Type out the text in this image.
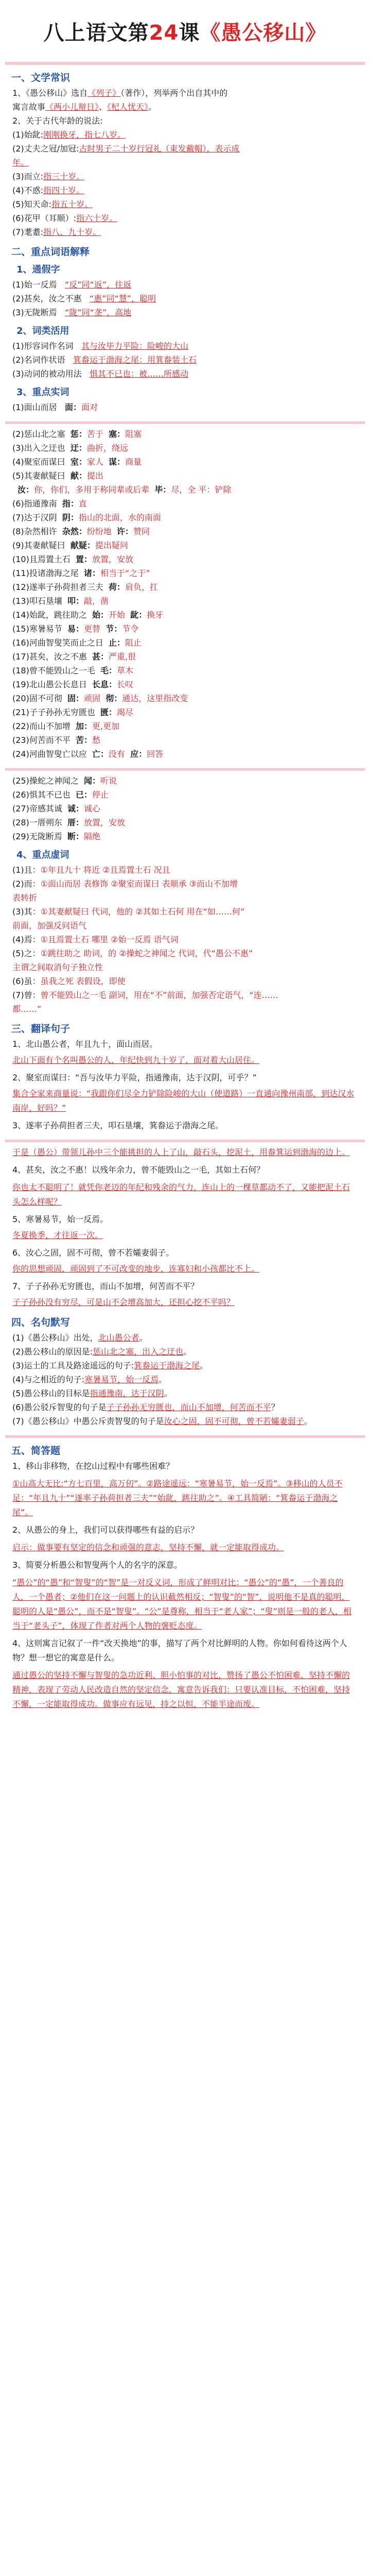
八上语文第24课《愚公移山》
一、文学常识
1、《愚公移山》选自《列子》（著作），列举两个出自其中的
寓言故事《两小儿辩日》、《杞人忧天》。
2、关于古代年龄的说法:
(1)始龀:刚刚换牙，指七八岁。
(2)丈夫之冠/加冠:古时男子二十岁行冠礼（束发戴帽），表示成
年。
(3)而立:指三十岁。
(4)不惑:指四十岁。
(5)知天命:指五十岁。
(6)花甲（耳顺）:指六十岁。
(7)耄耋:指八、九十岁。
二、重点词语解释
1、通假字
(1)始一反焉 “反”同“返”，往返
(2)甚矣，汝之不惠 “惠”同“慧”，聪明
(3)无陇断焉 “陇”同“垄”，高地
2、词类活用
(1)形容词作名词 其与汝毕力平险：险峻的大山
(2)名词作状语 箕畚运于渤海之尾：用箕畚装土石
(3)动词的被动用法 惧其不已也：被……所感动
3、重点实词
(1)面山而居 面：面对
(2)惩山北之塞 惩：苦于 塞：阻塞
(3)出入之迂也 迂：曲折，绕远
(4)聚室而谋曰 室：家人 谋：商量
(5)其妻献疑曰 献：提出
汝：你，你们，多用于称同辈或后辈 毕：尽，全 平：铲除
(6)指通豫南 指：直
(7)达于汉阴 阴：指山的北面，水的南面
(8)杂然相许 杂然：纷纷地 许：赞同
(9)其妻献疑曰 献疑：提出疑问
(10)且焉置土石 置：放置，安放
(11)投诸渤海之尾 诸：相当于“之于”
(12)遂率子孙荷担者三夫 荷：肩负，扛
(13)叩石垦壤 叩：敲，凿
(14)始龀，跳往助之 始：开始 龀：换牙
(15)寒暑易节 易：更替 节：节令
(16)河曲智叟笑而止之日 止：阻止
(17)甚矣，汝之不惠 甚：严重,很
(18)曾不能毁山之一毛 毛：草木
(19)北山愚公长息日 长息：长叹
(20)固不可彻 固：顽固 彻：通达，这里指改变
(21)子子孙孙无穷匮也 匮：竭尽
(22)而山不加增 加：更,更加
(23)何苦而不平 苦：愁
(24)河曲智叟亡以应 亡：没有 应：回答
(25)操蛇之神闻之 闻：听说
(26)惧其不已也 已：停止
(27)帝感其诚 诚：诚心
(28)一厝朔东 厝：放置，安放
(29)无陇断焉 断：隔绝
4、重点虚词
(1)且：①年且九十 将近 ②且焉置土石 况且
(2)而：①面山而居 表修饰 ②聚室而谋曰 表顺承 ③而山不加增
表转折
(3)其：①其妻献疑曰 代词，他的 ②其如土石何 用在“如……何”
前面，加强反问语气
(4)焉：①且焉置土石 哪里 ②始一反焉 语气词
(5)之：①跳往助之 助词，的 ②操蛇之神闻之 代词，代“愚公不惠”
主谓之间取消句子独立性
(6)虽：虽我之死 表假设，即使
(7)曾：曾不能毁山之一毛 副词，用在“不”前面，加强否定语气，“连……
都……”
三、翻译句子
1、北山愚公者，年且九十，面山而居。
北山下面有个名叫愚公的人，年纪快到九十岁了，面对着大山居住。
2、聚室而谋曰：“吾与汝毕力平险，指通豫南，达于汉阴，可乎？”
集合全家来商量说：“我跟你们尽全力铲除险峻的大山（使道路）一直通向豫州南部，到达汉水南岸，好吗？”
3、遂率子孙荷担者三夫，叩石垦壤，箕畚运于渤海之尾。
于是（愚公）带领儿孙中三个能挑担的人上了山，敲石头，挖泥土，用畚箕运到渤海的边上。
4、甚矣，汝之不惠！以残年余力，曾不能毁山之一毛，其如土石何？
你也太不聪明了！就凭你老迈的年纪和残余的气力，连山上的一棵草都动不了，又能把泥土石头怎么样呢？
5、寒暑易节，始一反焉。
冬夏换季，才往返一次。
6、汝心之固，固不可彻，曾不若孀妻弱子。
你的思想顽固，顽固到了不可改变的地步，连寡妇和小孩都比不上。
7、子子孙孙无穷匮也，而山不加增，何苦而不平？
子子孙孙没有穷尽，可是山不会增高加大，还担心挖不平吗？
四、名句默写
(1)《愚公移山》出处，北山愚公者。
(2)愚公移山的原因是:惩山北之塞，出入之迂也。
(3)运土的工具及路途遥远的句子:箕畚运于渤海之尾。
(4)与之相近的句子:寒暑易节，始一反焉。
(5)愚公移山的目标是指通豫南，达于汉阴。
(6)愚公驳斥智叟的句子是子子孙孙无穷匮也，而山不加增，何苦而不平？
(7)《愚公移山》中愚公斥责智叟的句子是汝心之固，固不可彻，曾不若孀妻弱子。
五、简答题
1、移山非移物，在挖山过程中有哪些困难？
①山高大无比:“方七百里，高万仞”。②路途遥远：“寒暑易节，始一反焉”。③移山的人员不足：“年且九十”“遂率子孙荷担者三夫”“始龀，跳往助之”。④工具简陋：“箕畚运于渤海之尾”。
2、从愚公的身上，我们可以获得哪些有益的启示？
启示：做事要有坚定的信念和顽强的意志，坚持不懈，就一定能取得成功。
3、简要分析愚公和智叟两个人的名字的深意。
“愚公”的“愚”和“智叟”的“智”是一对反义词，形成了鲜明对比：“愚公”的“愚”，一个善良的人，一个愚者；②他们在这一问题上的认识截然相反；“智叟”的“智”，说明他不是真的聪明，聪明的人是“愚公”，而不是“智叟”。“公”是尊称，相当于“老人家”；“叟”则是一般的老人，相当于“老头子”，体现了作者对两个人物的褒贬态度。
4、这则寓言记叙了一件“改天换地”的事，描写了两个对比鲜明的人物。你如何看待这两个人物？想一想它的寓意是什么。
通过愚公的坚持不懈与智叟的急功近利、胆小怕事的对比，赞扬了愚公不怕困难、坚持不懈的精神，表现了劳动人民改造自然的坚定信念，寓意告诉我们：只要认准目标，不怕困难，坚持不懈，一定能取得成功。做事应有远见，持之以恒，不能半途而废。
